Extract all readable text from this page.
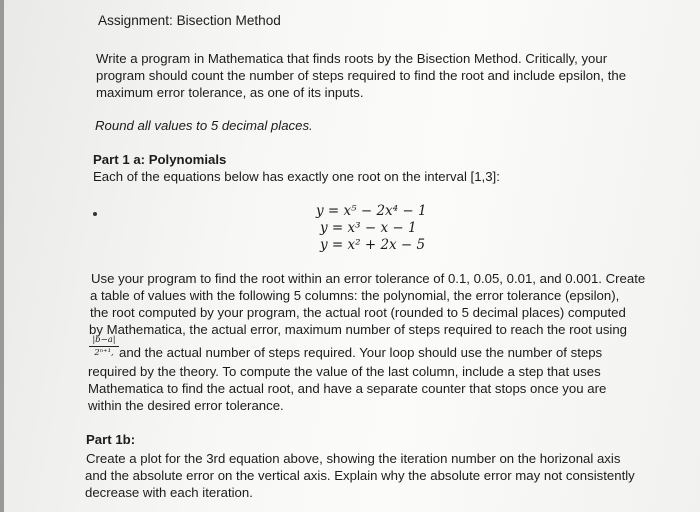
Assignment: Bisection Method
Write a program in Mathematica that finds roots by the Bisection Method. Critically, your
program should count the number of steps required to find the root and include epsilon, the
maximum error tolerance, as one of its inputs.
Round all values to 5 decimal places.
Part 1 a: Polynomials
Each of the equations below has exactly one root on the interval [1,3]:
y = x⁵ − 2x⁴ − 1
y = x³ − x − 1
y = x² + 2x − 5
Use your program to find the root within an error tolerance of 0.1, 0.05, 0.01, and 0.001. Create
a table of values with the following 5 columns: the polynomial, the error tolerance (epsilon),
the root computed by your program, the actual root (rounded to 5 decimal places) computed
by Mathematica, the actual error, maximum number of steps required to reach the root using
$\frac{|b-a|}{\text{2ⁿ⁺¹,}}$ and the actual number of steps required. Your loop should use the number of steps
required by the theory. To compute the value of the last column, include a step that uses
Mathematica to find the actual root, and have a separate counter that stops once you are
within the desired error tolerance.
Part 1b:
Create a plot for the 3rd equation above, showing the iteration number on the horizonal axis
and the absolute error on the vertical axis. Explain why the absolute error may not consistently
decrease with each iteration.
